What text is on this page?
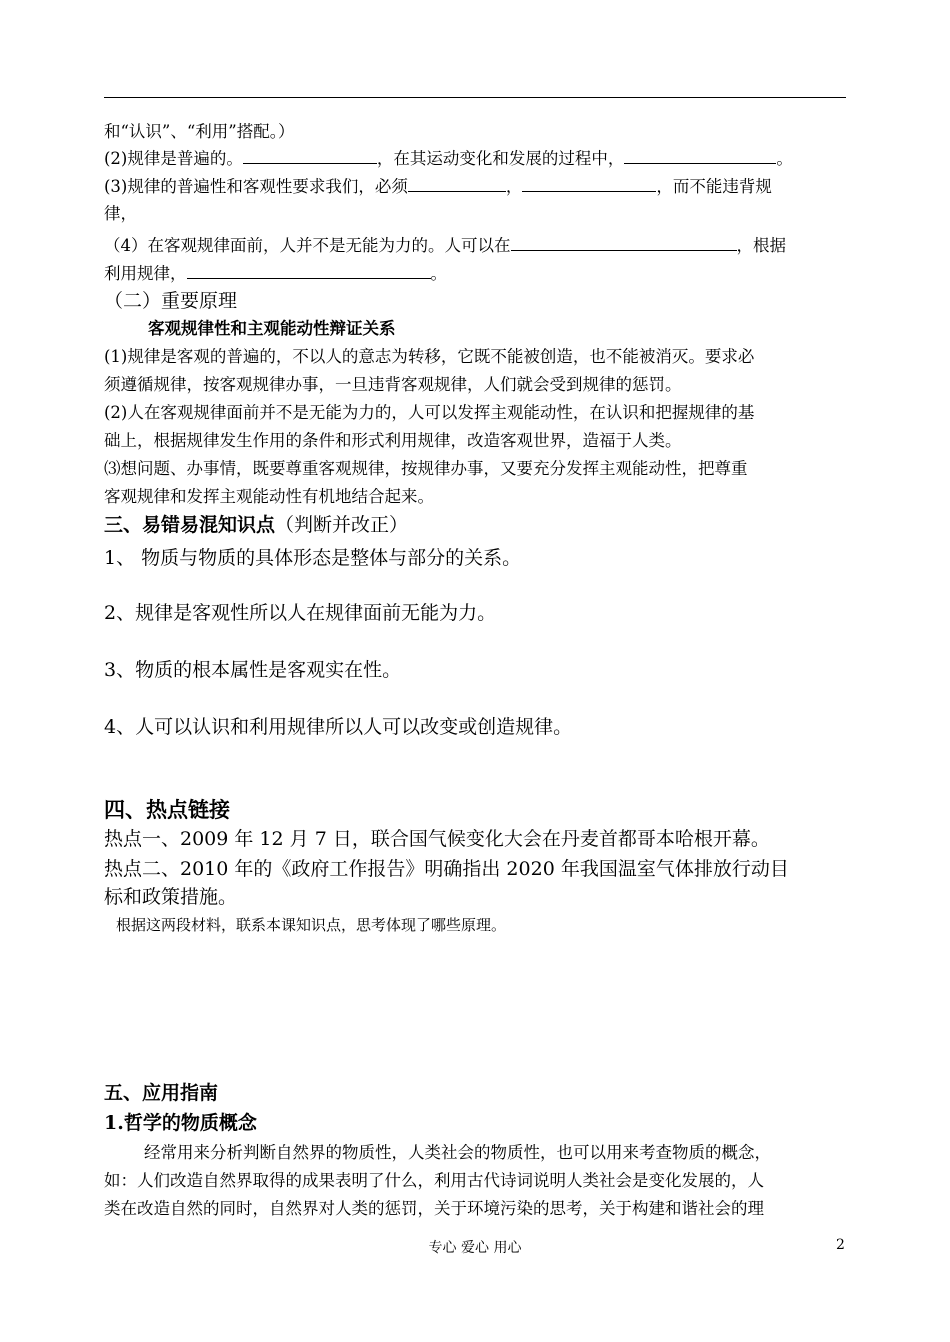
和“认识”、“利用”搭配。）
(2)规律是普遍的。	，在其运动变化和发展的过程中，	。
(3)规律的普遍性和客观性要求我们，必须	，	，而不能违背规
律，
（4）在客观规律面前，人并不是无能为力的。人可以在	，根据
利用规律，	。
（二）重要原理
客观规律性和主观能动性辩证关系
(1)规律是客观的普遍的，不以人的意志为转移，它既不能被创造，也不能被消灭。要求必
须遵循规律，按客观规律办事，一旦违背客观规律，人们就会受到规律的惩罚。
(2)人在客观规律面前并不是无能为力的，人可以发挥主观能动性，在认识和把握规律的基
础上，根据规律发生作用的条件和形式利用规律，改造客观世界，造福于人类。
⑶想问题、办事情，既要尊重客观规律，按规律办事，又要充分发挥主观能动性，把尊重
客观规律和发挥主观能动性有机地结合起来。
三、易错易混知识点（判断并改正）
1、 物质与物质的具体形态是整体与部分的关系。
2、规律是客观性所以人在规律面前无能为力。
3、物质的根本属性是客观实在性。
4、人可以认识和利用规律所以人可以改变或创造规律。
四、热点链接
热点一、2009 年 12 月 7 日，联合国气候变化大会在丹麦首都哥本哈根开幕。
热点二、2010 年的《政府工作报告》明确指出 2020 年我国温室气体排放行动目
标和政策措施。
根据这两段材料，联系本课知识点，思考体现了哪些原理。
五、应用指南
1.哲学的物质概念
经常用来分析判断自然界的物质性，人类社会的物质性，也可以用来考查物质的概念，
如：人们改造自然界取得的成果表明了什么，利用古代诗词说明人类社会是变化发展的，人
类在改造自然的同时，自然界对人类的惩罚，关于环境污染的思考，关于构建和谐社会的理
专心 爱心 用心	2
